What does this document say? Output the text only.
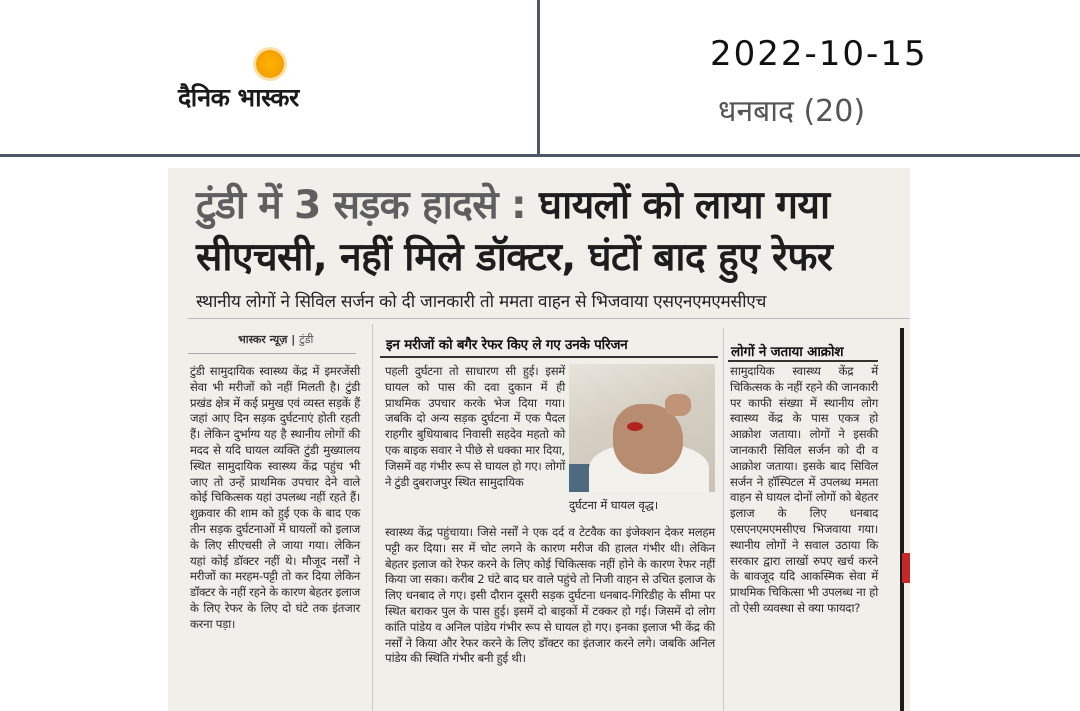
दैनिक भास्कर
2022-10-15
धनबाद (20)
टुंडी में 3 सड़क हादसे : घायलों को लाया गया सीएचसी, नहीं मिले डॉक्टर, घंटों बाद हुए रेफर
स्थानीय लोगों ने सिविल सर्जन को दी जानकारी तो ममता वाहन से भिजवाया एसएनएमएमसीएच
भास्कर न्यूज़ | टुंडी

टुंडी सामुदायिक स्वास्थ्य केंद्र में इमरजेंसी सेवा भी मरीजों को नहीं मिलती है। टुंडी प्रखंड क्षेत्र में कई प्रमुख एवं व्यस्त सड़कें हैं जहां आए दिन सड़क दुर्घटनाएं होती रहती हैं। लेकिन दुर्भाग्य यह है स्थानीय लोगों की मदद से यदि घायल व्यक्ति टुंडी मुख्यालय स्थित सामुदायिक स्वास्थ्य केंद्र पहुंच भी जाए तो उन्हें प्राथमिक उपचार देने वाले कोई चिकित्सक यहां उपलब्ध नहीं रहते हैं। शुक्रवार की शाम को हुई एक के बाद एक तीन सड़क दुर्घटनाओं में घायलों को इलाज के लिए सीएचसी ले जाया गया। लेकिन यहां कोई डॉक्टर नहीं थे। मौजूद नर्सों ने मरीजों का मरहम-पट्टी तो कर दिया लेकिन डॉक्टर के नहीं रहने के कारण बेहतर इलाज के लिए रेफर के लिए दो घंटे तक इंतजार करना पड़ा।

इन मरीजों को बगैर रेफर किए ले गए उनके परिजन

पहली दुर्घटना तो साधारण सी हुई। इसमें घायल को पास की दवा दुकान में ही प्राथमिक उपचार करके भेज दिया गया। जबकि दो अन्य सड़क दुर्घटना में एक पैदल राहगीर बुधियाबाद निवासी सहदेव महतो को एक बाइक सवार ने पीछे से धक्का मार दिया, जिसमें वह गंभीर रूप से घायल हो गए। लोगों ने टुंडी दुबराजपुर स्थित सामुदायिक

दुर्घटना में घायल वृद्ध।

स्वास्थ्य केंद्र पहुंचाया। जिसे नर्सों ने एक दर्द व टेटवैक का इंजेक्शन देकर मलहम पट्टी कर दिया। सर में चोट लगने के कारण मरीज की हालत गंभीर थी। लेकिन बेहतर इलाज को रेफर करने के लिए कोई चिकित्सक नहीं होने के कारण रेफर नहीं किया जा सका। करीब 2 घंटे बाद घर वाले पहुंचे तो निजी वाहन से उचित इलाज के लिए धनबाद ले गए। इसी दौरान दूसरी सड़क दुर्घटना धनबाद-गिरिडीह के सीमा पर स्थित बराकर पुल के पास हुई। इसमें दो बाइकों में टक्कर हो गई। जिसमें दो लोग कांति पांडेय व अनिल पांडेय गंभीर रूप से घायल हो गए। इनका इलाज भी केंद्र की नर्सों ने किया और रेफर करने के लिए डॉक्टर का इंतजार करने लगे। जबकि अनिल पांडेय की स्थिति गंभीर बनी हुई थी।

लोगों ने जताया आक्रोश

सामुदायिक स्वास्थ्य केंद्र में चिकित्सक के नहीं रहने की जानकारी पर काफी संख्या में स्थानीय लोग स्वास्थ्य केंद्र के पास एकत्र हो आक्रोश जताया। लोगों ने इसकी जानकारी सिविल सर्जन को दी व आक्रोश जताया। इसके बाद सिविल सर्जन ने हॉस्पिटल में उपलब्ध ममता वाहन से घायल दोनों लोगों को बेहतर इलाज के लिए धनबाद एसएनएमएमसीएच भिजवाया गया। स्थानीय लोगों ने सवाल उठाया कि सरकार द्वारा लाखों रुपए खर्च करने के बावजूद यदि आकस्मिक सेवा में प्राथमिक चिकित्सा भी उपलब्ध ना हो तो ऐसी व्यवस्था से क्या फायदा?
